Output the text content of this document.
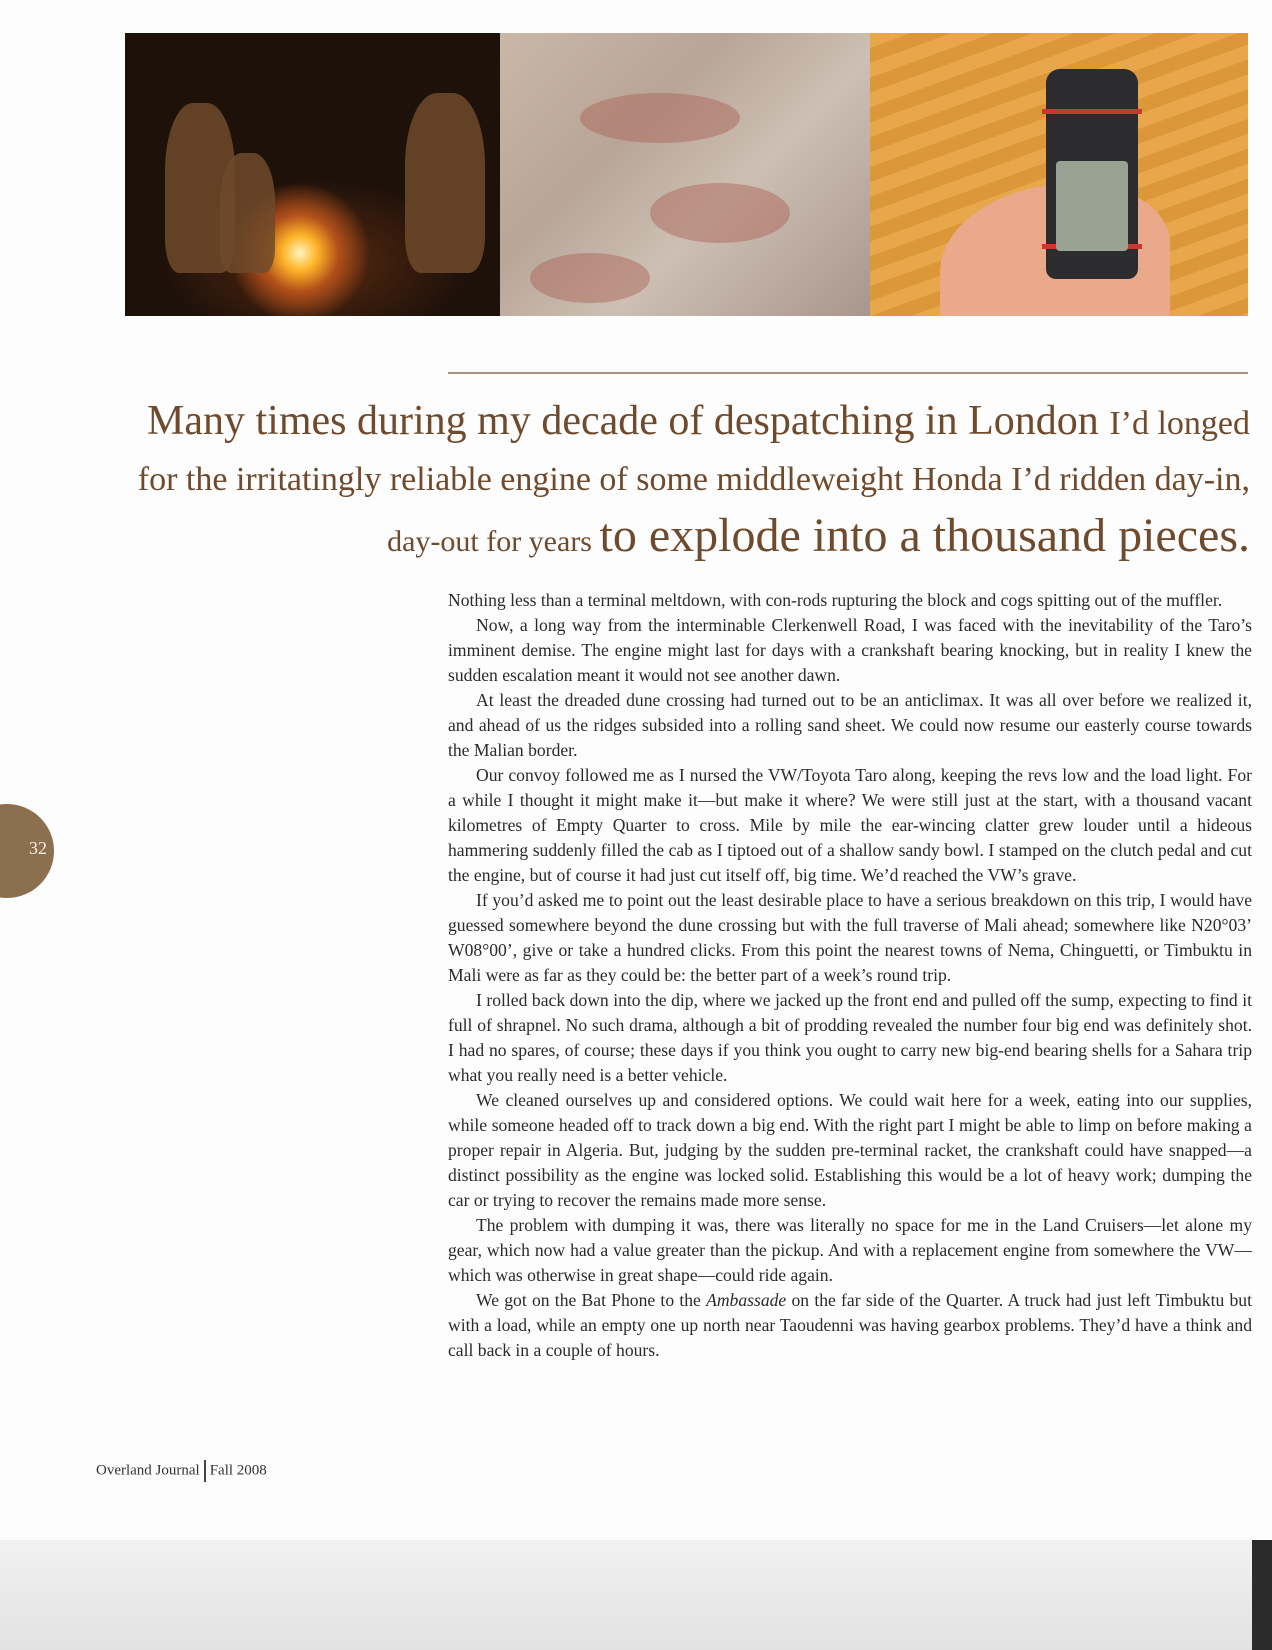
Many times during my decade of despatching in London I’d longed
for the irritatingly reliable engine of some middleweight Honda I’d ridden day-in,
day-out for years to explode into a thousand pieces.

Nothing less than a terminal meltdown, with con-rods rupturing the block and cogs spitting out of the muffler.

Now, a long way from the interminable Clerkenwell Road, I was faced with the inevitability of the Taro’s imminent demise. The engine might last for days with a crankshaft bearing knocking, but in reality I knew the sudden escalation meant it would not see another dawn.

At least the dreaded dune crossing had turned out to be an anticlimax. It was all over before we realized it, and ahead of us the ridges subsided into a rolling sand sheet. We could now resume our easterly course towards the Malian border.

Our convoy followed me as I nursed the VW/Toyota Taro along, keeping the revs low and the load light. For a while I thought it might make it—but make it where? We were still just at the start, with a thousand vacant kilometres of Empty Quarter to cross. Mile by mile the ear-wincing clatter grew louder until a hideous hammering suddenly filled the cab as I tiptoed out of a shallow sandy bowl. I stamped on the clutch pedal and cut the engine, but of course it had just cut itself off, big time. We’d reached the VW’s grave.

If you’d asked me to point out the least desirable place to have a serious breakdown on this trip, I would have guessed somewhere beyond the dune crossing but with the full traverse of Mali ahead; somewhere like N20°03’ W08°00’, give or take a hundred clicks. From this point the nearest towns of Nema, Chinguetti, or Timbuktu in Mali were as far as they could be: the better part of a week’s round trip.

I rolled back down into the dip, where we jacked up the front end and pulled off the sump, expecting to find it full of shrapnel. No such drama, although a bit of prodding revealed the number four big end was definitely shot. I had no spares, of course; these days if you think you ought to carry new big-end bearing shells for a Sahara trip what you really need is a better vehicle.

We cleaned ourselves up and considered options. We could wait here for a week, eating into our supplies, while someone headed off to track down a big end. With the right part I might be able to limp on before making a proper repair in Algeria. But, judging by the sudden pre-terminal racket, the crankshaft could have snapped—a distinct possibility as the engine was locked solid. Establishing this would be a lot of heavy work; dumping the car or trying to recover the remains made more sense.

The problem with dumping it was, there was literally no space for me in the Land Cruisers—let alone my gear, which now had a value greater than the pickup. And with a replacement engine from somewhere the VW—which was otherwise in great shape—could ride again.

We got on the Bat Phone to the Ambassade on the far side of the Quarter. A truck had just left Timbuktu but with a load, while an empty one up north near Taoudenni was having gearbox problems. They’d have a think and call back in a couple of hours.

32
Overland Journal Fall 2008
